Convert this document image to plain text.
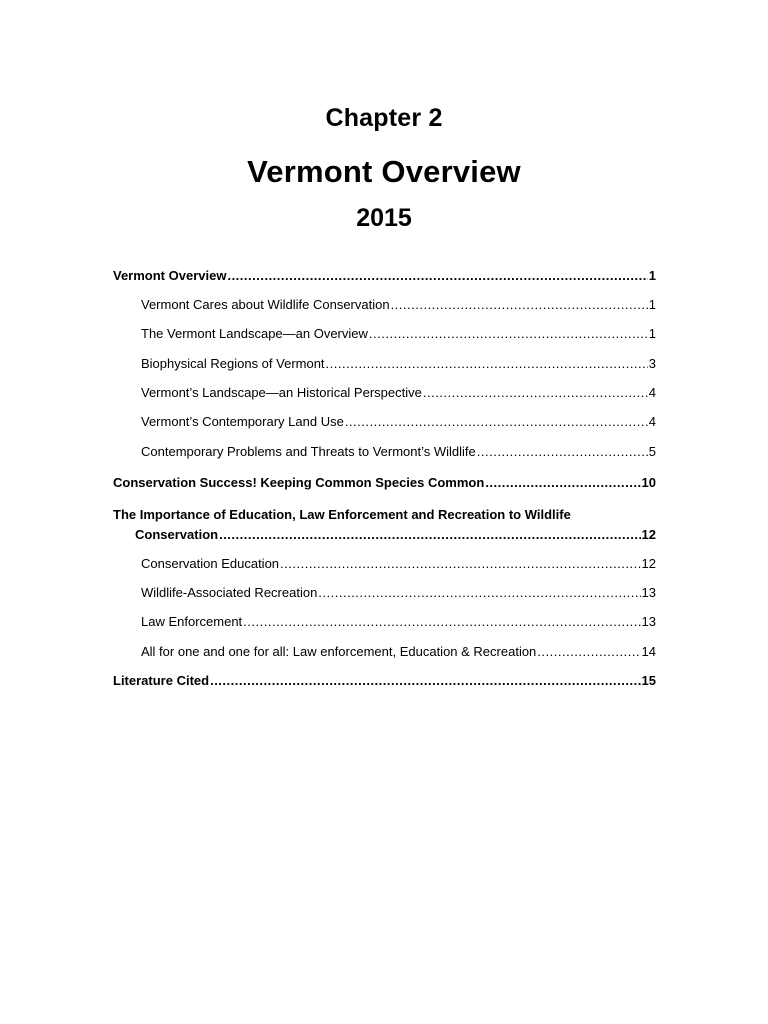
Chapter 2
Vermont Overview
2015
Vermont Overview .....	1
Vermont Cares about Wildlife Conservation .....	1
The Vermont Landscape—an Overview .....	1
Biophysical Regions of Vermont .....	3
Vermont’s Landscape—an Historical Perspective .....	4
Vermont’s Contemporary Land Use .....	4
Contemporary Problems and Threats to Vermont’s Wildlife .....	5
Conservation Success! Keeping Common Species Common .....	10
The Importance of Education, Law Enforcement and Recreation to Wildlife
Conservation .....	12
Conservation Education .....	12
Wildlife-Associated Recreation .....	13
Law Enforcement .....	13
All for one and one for all: Law enforcement, Education & Recreation .....	14
Literature Cited .....	15
